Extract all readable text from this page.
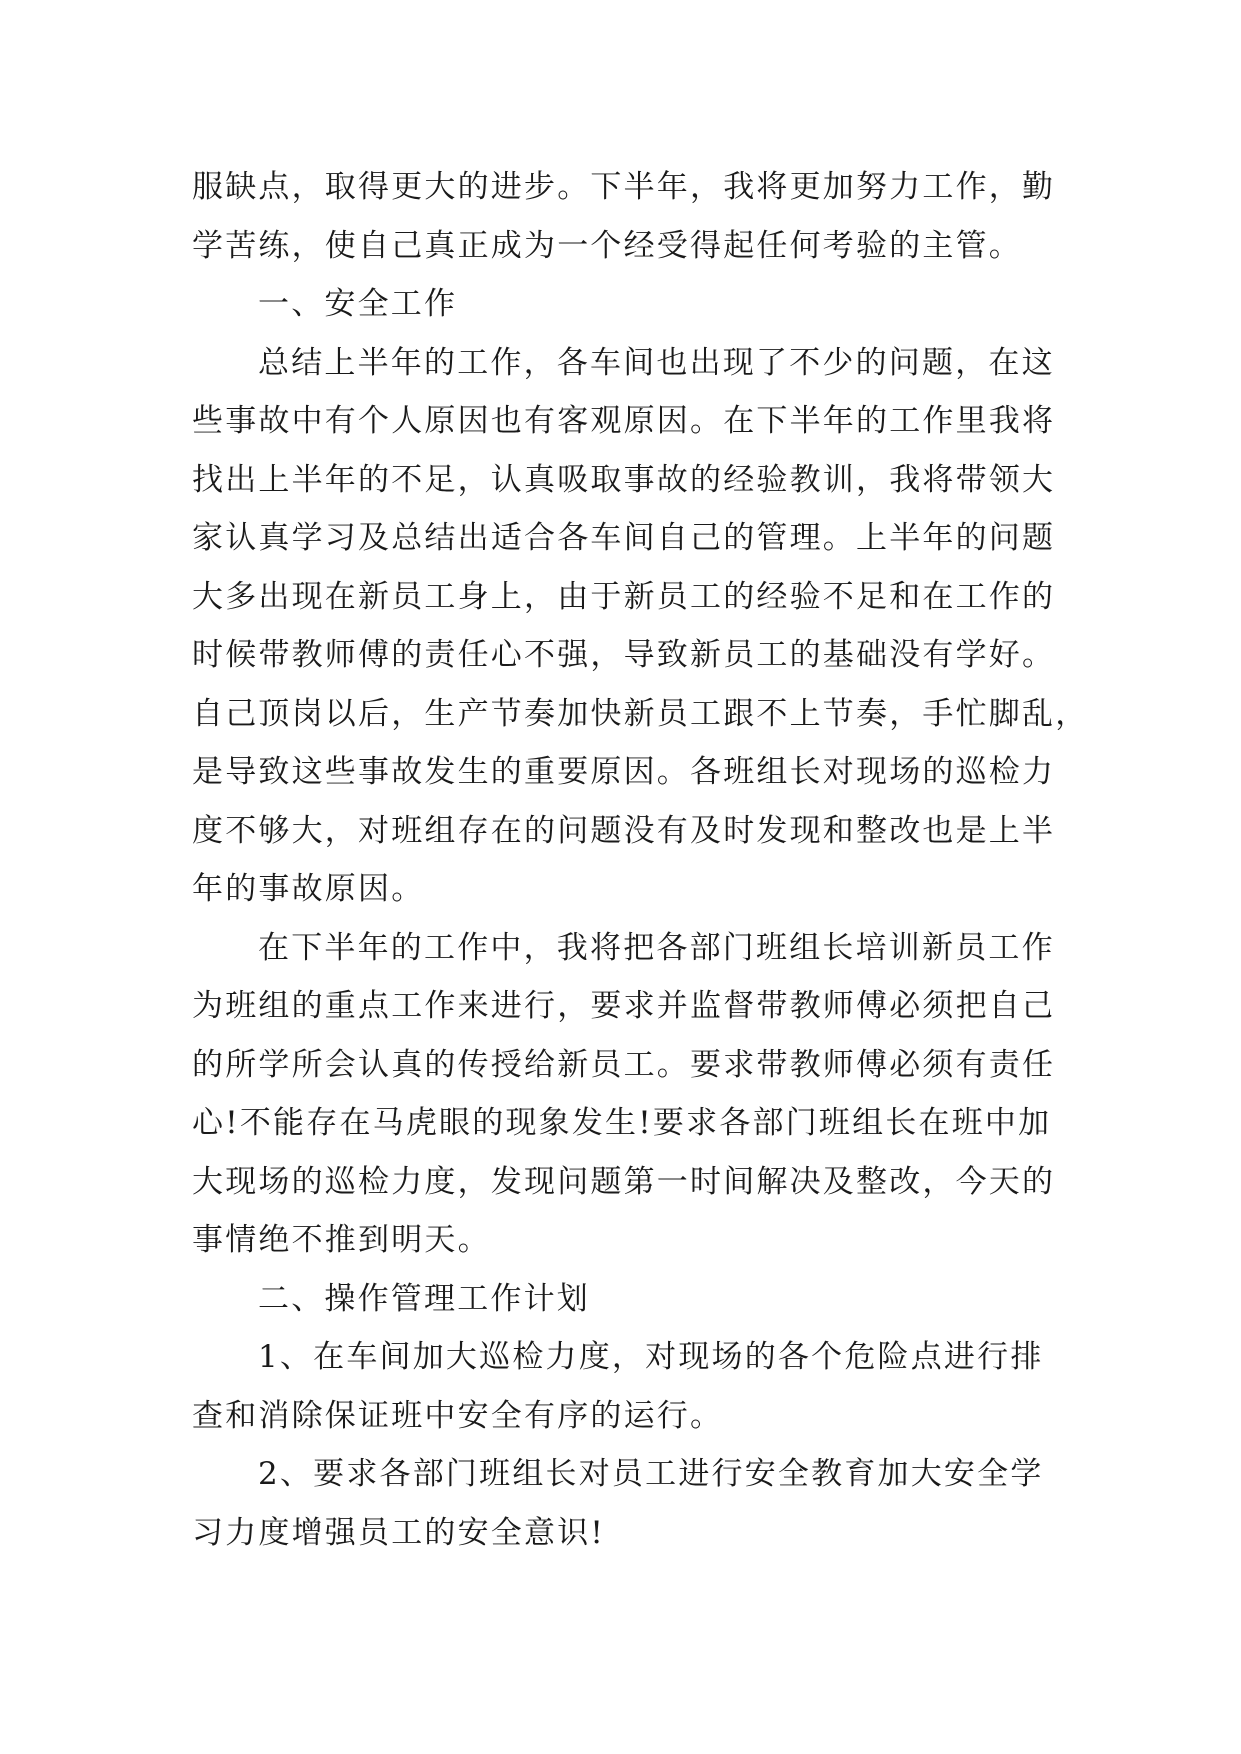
服缺点，取得更大的进步。下半年，我将更加努力工作，勤
学苦练，使自己真正成为一个经受得起任何考验的主管。
一、安全工作
总结上半年的工作，各车间也出现了不少的问题，在这
些事故中有个人原因也有客观原因。在下半年的工作里我将
找出上半年的不足，认真吸取事故的经验教训，我将带领大
家认真学习及总结出适合各车间自己的管理。上半年的问题
大多出现在新员工身上，由于新员工的经验不足和在工作的
时候带教师傅的责任心不强，导致新员工的基础没有学好。
自己顶岗以后，生产节奏加快新员工跟不上节奏，手忙脚乱，
是导致这些事故发生的重要原因。各班组长对现场的巡检力
度不够大，对班组存在的问题没有及时发现和整改也是上半
年的事故原因。
在下半年的工作中，我将把各部门班组长培训新员工作
为班组的重点工作来进行，要求并监督带教师傅必须把自己
的所学所会认真的传授给新员工。要求带教师傅必须有责任
心!不能存在马虎眼的现象发生!要求各部门班组长在班中加
大现场的巡检力度，发现问题第一时间解决及整改，今天的
事情绝不推到明天。
二、操作管理工作计划
1、在车间加大巡检力度，对现场的各个危险点进行排
查和消除保证班中安全有序的运行。
2、要求各部门班组长对员工进行安全教育加大安全学
习力度增强员工的安全意识!
